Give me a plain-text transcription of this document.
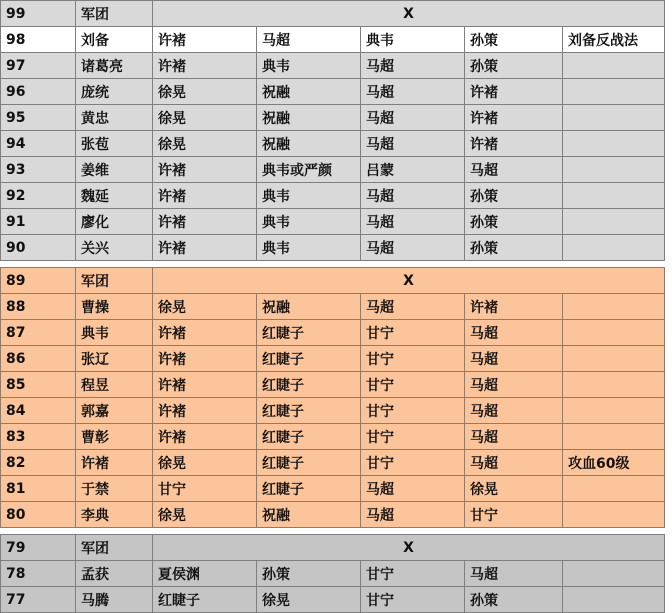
99	军团	X				
98	刘备	许褚	马超	典韦	孙策	刘备反战法
97	诸葛亮	许褚	典韦	马超	孙策	
96	庞统	徐晃	祝融	马超	许褚	
95	黄忠	徐晃	祝融	马超	许褚	
94	张苞	徐晃	祝融	马超	许褚	
93	姜维	许褚	典韦或严颜	吕蒙	马超	
92	魏延	许褚	典韦	马超	孙策	
91	廖化	许褚	典韦	马超	孙策	
90	关兴	许褚	典韦	马超	孙策	

89	军团	X				
88	曹操	徐晃	祝融	马超	许褚	
87	典韦	许褚	红睫子	甘宁	马超	
86	张辽	许褚	红睫子	甘宁	马超	
85	程昱	许褚	红睫子	甘宁	马超	
84	郭嘉	许褚	红睫子	甘宁	马超	
83	曹彰	许褚	红睫子	甘宁	马超	
82	许褚	徐晃	红睫子	甘宁	马超	攻血60级
81	于禁	甘宁	红睫子	马超	徐晃	
80	李典	徐晃	祝融	马超	甘宁	

79	军团	X				
78	孟获	夏侯渊	孙策	甘宁	马超	
77	马腾	红睫子	徐晃	甘宁	孙策	
